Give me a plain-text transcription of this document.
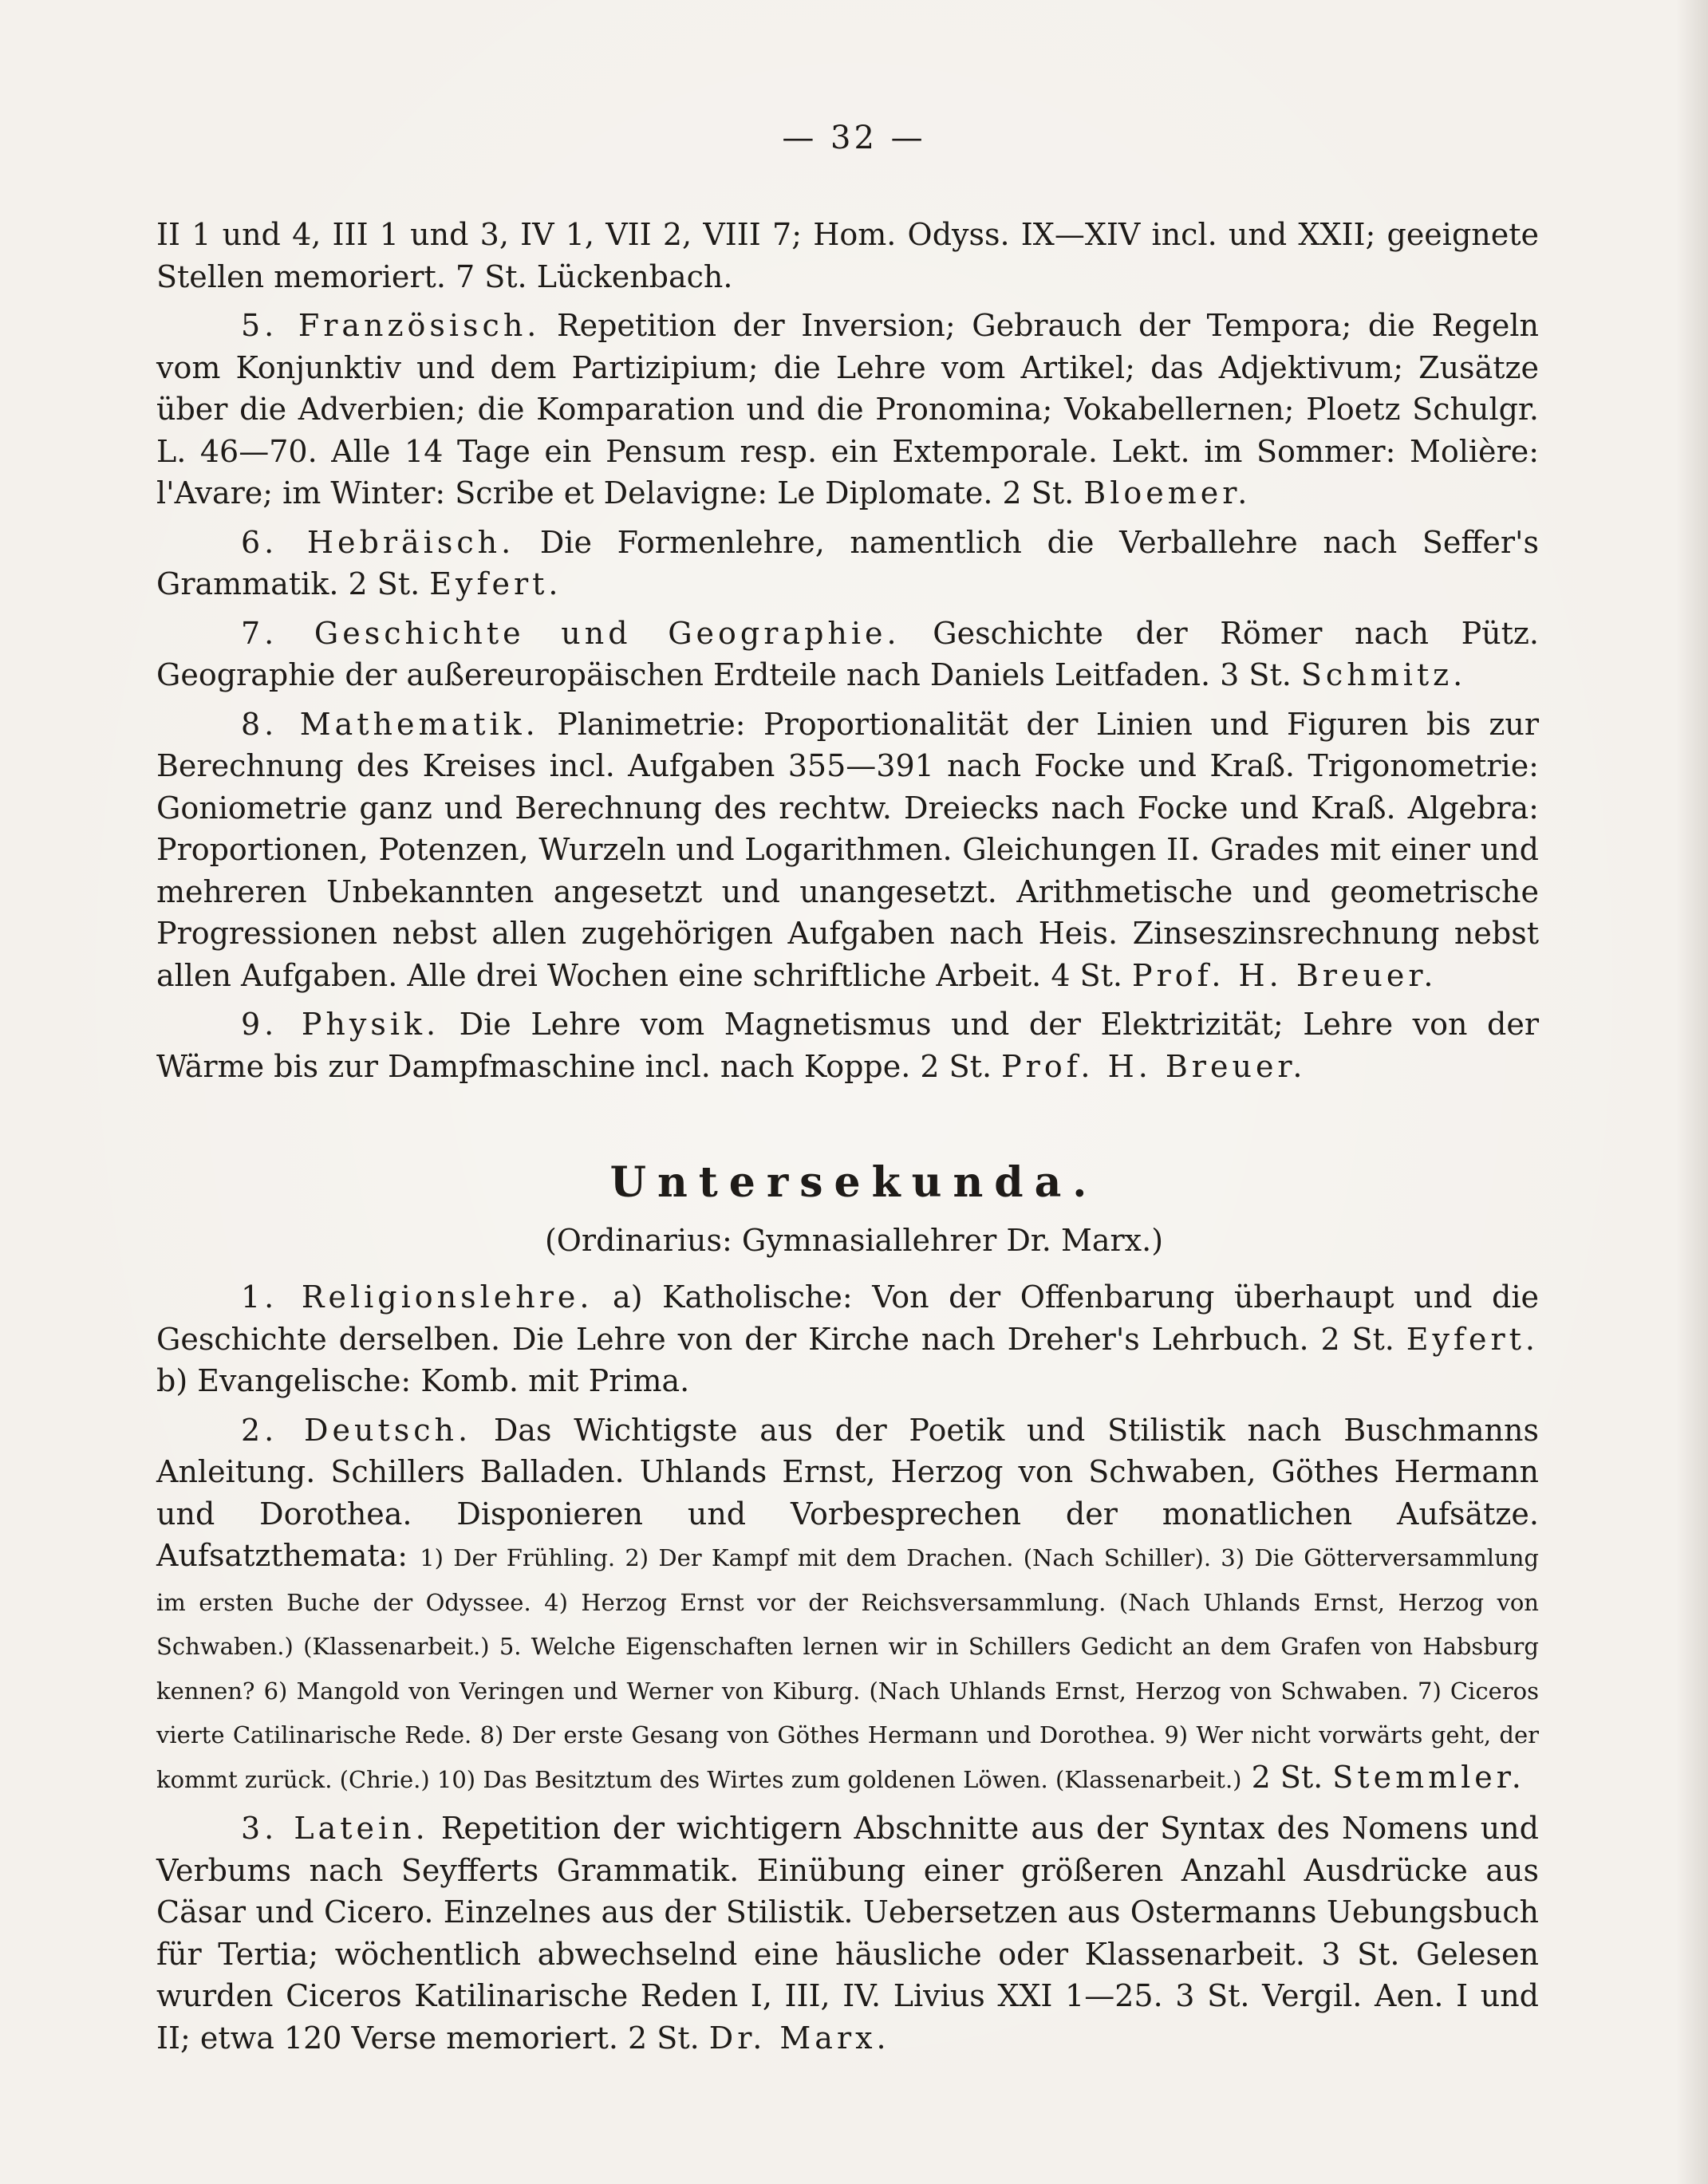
— 32 —

II 1 und 4, III 1 und 3, IV 1, VII 2, VIII 7; Hom. Odyss. IX—XIV incl. und XXII; geeignete Stellen memoriert. 7 St. Lückenbach.

5. Französisch. Repetition der Inversion; Gebrauch der Tempora; die Regeln vom Konjunktiv und dem Partizipium; die Lehre vom Artikel; das Adjektivum; Zusätze über die Adverbien; die Komparation und die Pronomina; Vokabellernen; Ploetz Schulgr. L. 46—70. Alle 14 Tage ein Pensum resp. ein Extemporale. Lekt. im Sommer: Molière: l'Avare; im Winter: Scribe et Delavigne: Le Diplomate. 2 St. Bloemer.

6. Hebräisch. Die Formenlehre, namentlich die Verballehre nach Seffer's Grammatik. 2 St. Eyfert.

7. Geschichte und Geographie. Geschichte der Römer nach Pütz. Geographie der außereuropäischen Erdteile nach Daniels Leitfaden. 3 St. Schmitz.

8. Mathematik. Planimetrie: Proportionalität der Linien und Figuren bis zur Berechnung des Kreises incl. Aufgaben 355—391 nach Focke und Kraß. Trigonometrie: Goniometrie ganz und Berechnung des rechtw. Dreiecks nach Focke und Kraß. Algebra: Proportionen, Potenzen, Wurzeln und Logarithmen. Gleichungen II. Grades mit einer und mehreren Unbekannten angesetzt und unangesetzt. Arithmetische und geometrische Progressionen nebst allen zugehörigen Aufgaben nach Heis. Zinseszinsrechnung nebst allen Aufgaben. Alle drei Wochen eine schriftliche Arbeit. 4 St. Prof. H. Breuer.

9. Physik. Die Lehre vom Magnetismus und der Elektrizität; Lehre von der Wärme bis zur Dampfmaschine incl. nach Koppe. 2 St. Prof. H. Breuer.

Untersekunda.
(Ordinarius: Gymnasiallehrer Dr. Marx.)

1. Religionslehre. a) Katholische: Von der Offenbarung überhaupt und die Geschichte derselben. Die Lehre von der Kirche nach Dreher's Lehrbuch. 2 St. Eyfert. b) Evangelische: Komb. mit Prima.

2. Deutsch. Das Wichtigste aus der Poetik und Stilistik nach Buschmanns Anleitung. Schillers Balladen. Uhlands Ernst, Herzog von Schwaben, Göthes Hermann und Dorothea. Disponieren und Vorbesprechen der monatlichen Aufsätze. Aufsatzthemata: 1) Der Frühling. 2) Der Kampf mit dem Drachen. (Nach Schiller). 3) Die Götterversammlung im ersten Buche der Odyssee. 4) Herzog Ernst vor der Reichsversammlung. (Nach Uhlands Ernst, Herzog von Schwaben.) (Klassenarbeit.) 5. Welche Eigenschaften lernen wir in Schillers Gedicht an dem Grafen von Habsburg kennen? 6) Mangold von Veringen und Werner von Kiburg. (Nach Uhlands Ernst, Herzog von Schwaben. 7) Ciceros vierte Catilinarische Rede. 8) Der erste Gesang von Göthes Hermann und Dorothea. 9) Wer nicht vorwärts geht, der kommt zurück. (Chrie.) 10) Das Besitztum des Wirtes zum goldenen Löwen. (Klassenarbeit.) 2 St. Stemmler.

3. Latein. Repetition der wichtigern Abschnitte aus der Syntax des Nomens und Verbums nach Seyfferts Grammatik. Einübung einer größeren Anzahl Ausdrücke aus Cäsar und Cicero. Einzelnes aus der Stilistik. Uebersetzen aus Ostermanns Uebungsbuch für Tertia; wöchentlich abwechselnd eine häusliche oder Klassenarbeit. 3 St. Gelesen wurden Ciceros Katilinarische Reden I, III, IV. Livius XXI 1—25. 3 St. Vergil. Aen. I und II; etwa 120 Verse memoriert. 2 St. Dr. Marx.
